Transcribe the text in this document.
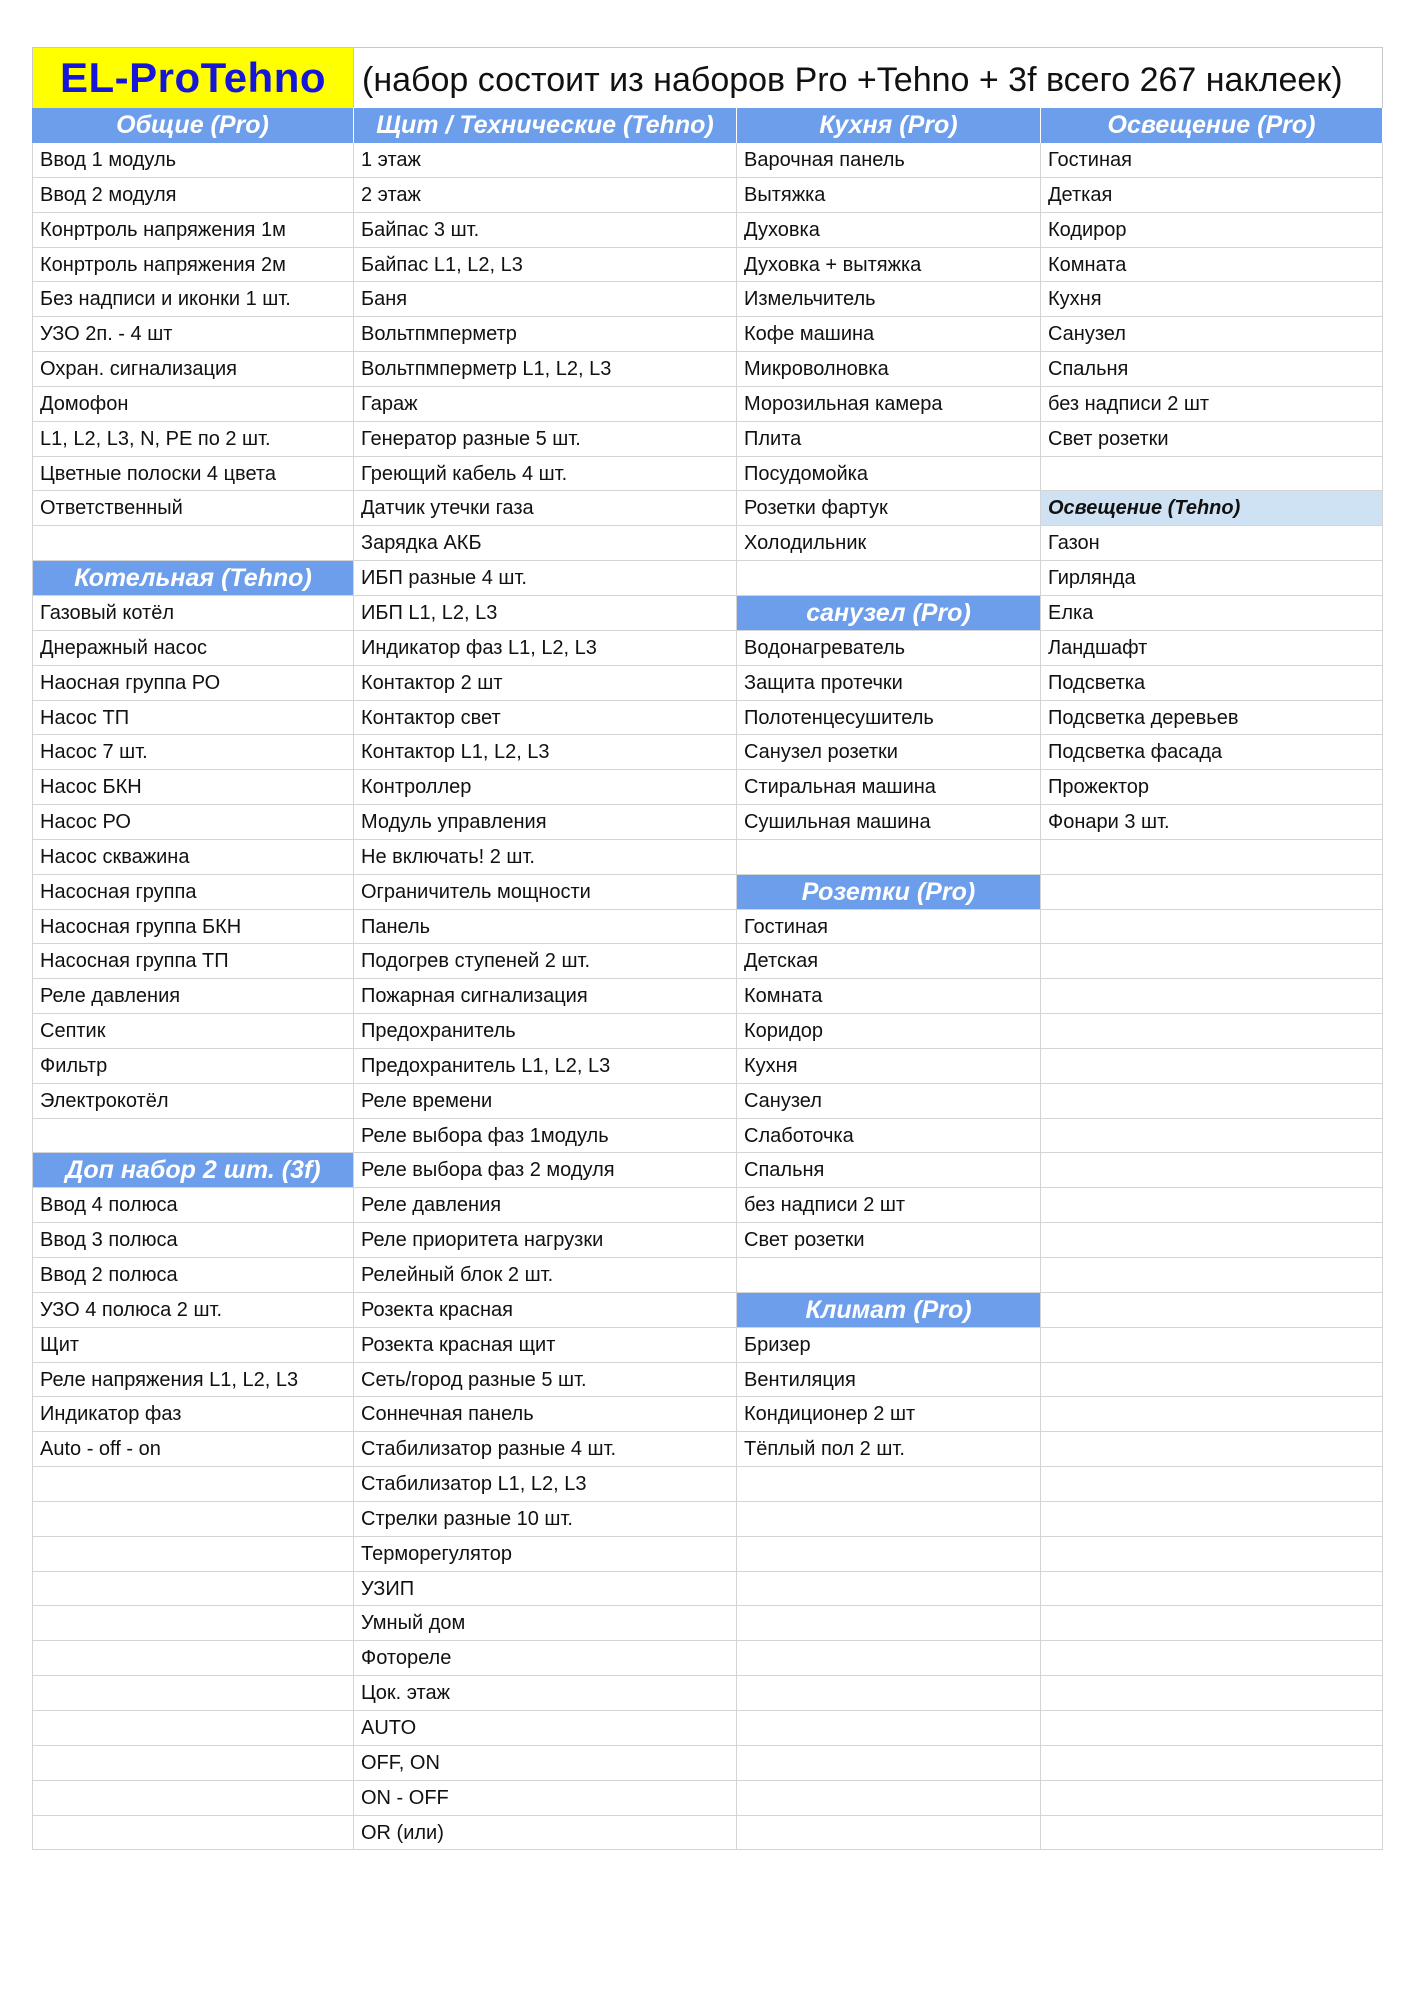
EL-ProTehno	(набор состоит из наборов Pro +Tehno + 3f всего 267 наклеек)
Общие (Pro)
Ввод 1 модуль
Ввод 2 модуля
Конртроль напряжения 1м
Конртроль напряжения 2м
Без надписи и иконки 1 шт.
УЗО 2п. - 4 шт
Охран. сигнализация
Домофон
L1, L2, L3, N, PE по 2 шт.
Цветные полоски 4 цвета
Ответственный
Котельная (Tehno)
Газовый котёл
Днеражный насос
Наосная группа РО
Насос ТП
Насос 7 шт.
Насос БКН
Насос РО
Насос скважина
Насосная группа
Насосная группа БКН
Насосная группа ТП
Реле давления
Септик
Фильтр
Электрокотёл
Доп набор 2 шт. (3f)
Ввод 4 полюса
Ввод 3 полюса
Ввод 2 полюса
УЗО 4 полюса 2 шт.
Щит
Реле напряжения L1, L2, L3
Индикатор фаз
Auto - off - on
Щит / Технические (Tehno)
1 этаж
2 этаж
Байпас 3 шт.
Байпас L1, L2, L3
Баня
Вольтпмперметр
Вольтпмперметр L1, L2, L3
Гараж
Генератор разные 5 шт.
Греющий кабель 4 шт.
Датчик утечки газа
Зарядка АКБ
ИБП разные 4 шт.
ИБП L1, L2, L3
Индикатор фаз L1, L2, L3
Контактор 2 шт
Контактор свет
Контактор L1, L2, L3
Контроллер
Модуль управления
Не включать! 2 шт.
Ограничитель мощности
Панель
Подогрев ступеней 2 шт.
Пожарная сигнализация
Предохранитель
Предохранитель L1, L2, L3
Реле времени
Реле выбора фаз 1модуль
Реле выбора фаз 2 модуля
Реле давления
Реле приоритета нагрузки
Релейный блок 2 шт.
Розекта красная
Розекта красная щит
Сеть/город разные 5 шт.
Соннечная панель
Стабилизатор разные 4 шт.
Стабилизатор L1, L2, L3
Стрелки разные 10 шт.
Терморегулятор
УЗИП
Умный дом
Фотореле
Цок. этаж
AUTO
OFF, ON
ON - OFF
OR (или)
Кухня (Pro)
Варочная панель
Вытяжка
Духовка
Духовка + вытяжка
Измельчитель
Кофе машина
Микроволновка
Морозильная камера
Плита
Посудомойка
Розетки фартук
Холодильник
санузел (Pro)
Водонагреватель
Защита протечки
Полотенцесушитель
Санузел розетки
Стиральная машина
Сушильная машина
Розетки (Pro)
Гостиная
Детская
Комната
Коридор
Кухня
Санузел
Слаботочка
Спальня
без надписи 2 шт
Свет розетки
Климат (Pro)
Бризер
Вентиляция
Кондиционер 2 шт
Тёплый пол 2 шт.
Освещение (Pro)
Гостиная
Деткая
Кодирор
Комната
Кухня
Санузел
Спальня
без надписи 2 шт
Свет розетки
Освещение (Tehno)
Газон
Гирлянда
Елка
Ландшафт
Подсветка
Подсветка деревьев
Подсветка фасада
Прожектор
Фонари 3 шт.
